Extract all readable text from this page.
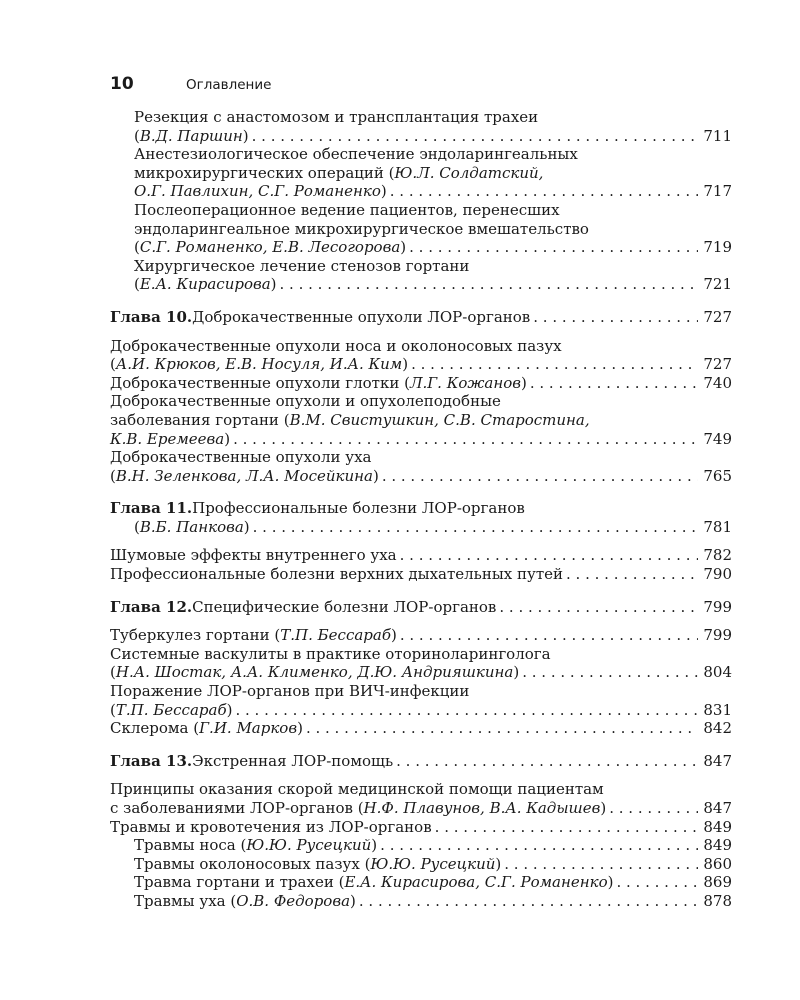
10	Оглавление
Резекция с анастомозом и трансплантация трахеи
( В.Д. Паршин ) . . .	711
Анестезиологическое обеспечение эндоларингеальных
микрохирургических операций ( Ю.Л. Солдатский,
О.Г. Павлихин, С.Г. Романенко ) . . .	717
Послеоперационное ведение пациентов, перенесших
эндоларингеальное микрохирургическое вмешательство
( С.Г. Романенко, Е.В. Лесогорова ) . . .	719
Хирургическое лечение стенозов гортани
( Е.А. Кирасирова ) . . .	721
Глава 10. Доброкачественные опухоли ЛОР-органов . . .	727
Доброкачественные опухоли носа и околоносовых пазух
( А.И. Крюков, Е.В. Носуля, И.А. Ким ) . . .	727
Доброкачественные опухоли глотки ( Л.Г. Кожанов ) . . .	740
Доброкачественные опухоли и опухолеподобные
заболевания гортани ( В.М. Свистушкин, С.В. Старостина,
К.В. Еремеева ) . . .	749
Доброкачественные опухоли уха
( В.Н. Зеленкова, Л.А. Мосейкина ) . . .	765
Глава 11. Профессиональные болезни ЛОР-органов
( В.Б. Панкова ) . . .	781
Шумовые эффекты внутреннего уха . . .	782
Профессиональные болезни верхних дыхательных путей . . .	790
Глава 12. Специфические болезни ЛОР-органов . . .	799
Туберкулез гортани ( Т.П. Бессараб ) . . .	799
Системные васкулиты в практике оториноларинголога
( Н.А. Шостак, А.А. Клименко, Д.Ю. Андрияшкина ) . . .	804
Поражение ЛОР-органов при ВИЧ-инфекции
( Т.П. Бессараб ) . . .	831
Склерома ( Г.И. Марков ) . . .	842
Глава 13. Экстренная ЛОР-помощь . . .	847
Принципы оказания скорой медицинской помощи пациентам
с заболеваниями ЛОР-органов ( Н.Ф. Плавунов, В.А. Кадышев ) . . .	847
Травмы и кровотечения из ЛОР-органов . . .	849
Травмы носа ( Ю.Ю. Русецкий ) . . .	849
Травмы околоносовых пазух ( Ю.Ю. Русецкий ) . . .	860
Травма гортани и трахеи ( Е.А. Кирасирова, С.Г. Романенко ) . . .	869
Травмы уха ( О.В. Федорова ) . . .	878
